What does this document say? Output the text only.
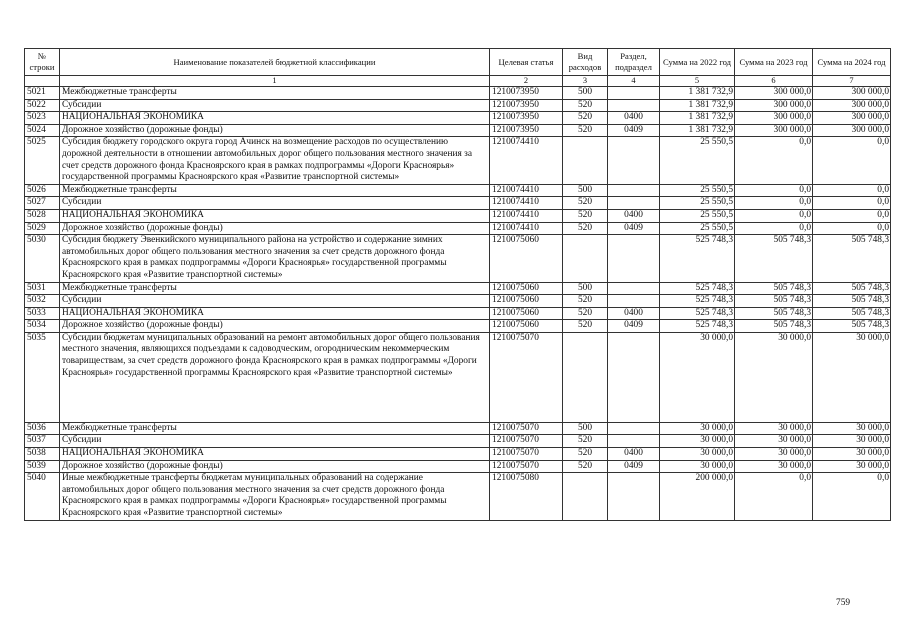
№ строки	Наименование показателей бюджетной классификации	Целевая статья	Вид расходов	Раздел, подраздел	Сумма на 2022 год	Сумма на 2023 год	Сумма на 2024 год
	1	2	3	4	5	6	7
5021	Межбюджетные трансферты	1210073950	500		1 381 732,9	300 000,0	300 000,0
5022	Субсидии	1210073950	520		1 381 732,9	300 000,0	300 000,0
5023	НАЦИОНАЛЬНАЯ ЭКОНОМИКА	1210073950	520	0400	1 381 732,9	300 000,0	300 000,0
5024	Дорожное хозяйство (дорожные фонды)	1210073950	520	0409	1 381 732,9	300 000,0	300 000,0
5025	Субсидия бюджету городского округа город Ачинск на возмещение расходов по осуществлению дорожной деятельности в отношении автомобильных дорог общего пользования местного значения за счет средств дорожного фонда Красноярского края в рамках подпрограммы «Дороги Красноярья» государственной программы Красноярского края «Развитие транспортной системы»	1210074410			25 550,5	0,0	0,0
5026	Межбюджетные трансферты	1210074410	500		25 550,5	0,0	0,0
5027	Субсидии	1210074410	520		25 550,5	0,0	0,0
5028	НАЦИОНАЛЬНАЯ ЭКОНОМИКА	1210074410	520	0400	25 550,5	0,0	0,0
5029	Дорожное хозяйство (дорожные фонды)	1210074410	520	0409	25 550,5	0,0	0,0
5030	Субсидия бюджету Эвенкийского муниципального района на устройство и содержание зимних автомобильных дорог общего пользования местного значения за счет средств дорожного фонда Красноярского края в рамках подпрограммы «Дороги Красноярья» государственной программы Красноярского края «Развитие транспортной системы»	1210075060			525 748,3	505 748,3	505 748,3
5031	Межбюджетные трансферты	1210075060	500		525 748,3	505 748,3	505 748,3
5032	Субсидии	1210075060	520		525 748,3	505 748,3	505 748,3
5033	НАЦИОНАЛЬНАЯ ЭКОНОМИКА	1210075060	520	0400	525 748,3	505 748,3	505 748,3
5034	Дорожное хозяйство (дорожные фонды)	1210075060	520	0409	525 748,3	505 748,3	505 748,3
5035	Субсидии бюджетам муниципальных образований на ремонт автомобильных дорог общего пользования местного значения, являющихся подъездами к садоводческим, огородническим некоммерческим товариществам, за счет средств дорожного фонда Красноярского края в рамках подпрограммы «Дороги Красноярья» государственной программы Красноярского края «Развитие транспортной системы»	1210075070			30 000,0	30 000,0	30 000,0
5036	Межбюджетные трансферты	1210075070	500		30 000,0	30 000,0	30 000,0
5037	Субсидии	1210075070	520		30 000,0	30 000,0	30 000,0
5038	НАЦИОНАЛЬНАЯ ЭКОНОМИКА	1210075070	520	0400	30 000,0	30 000,0	30 000,0
5039	Дорожное хозяйство (дорожные фонды)	1210075070	520	0409	30 000,0	30 000,0	30 000,0
5040	Иные межбюджетные трансферты бюджетам муниципальных образований на содержание автомобильных дорог общего пользования местного значения за счет средств дорожного фонда Красноярского края в рамках подпрограммы «Дороги Красноярья» государственной программы Красноярского края «Развитие транспортной системы»	1210075080			200 000,0	0,0	0,0
759
